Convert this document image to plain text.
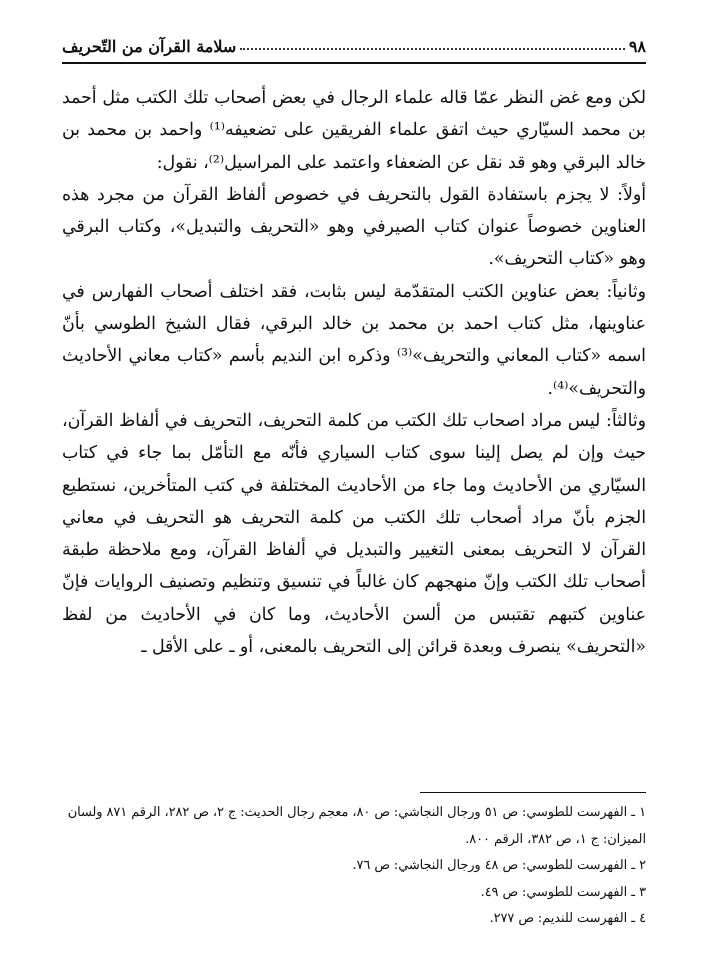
٩٨
سلامة القرآن من التّحريف

لكن ومع غض النظر عمّا قاله علماء الرجال في بعض أصحاب تلك الكتب مثل أحمد بن محمد السيّاري حيث اتفق علماء الفريقين على تضعيفه⁽¹⁾ واحمد بن محمد بن خالد البرقي وهو قد نقل عن الضعفاء واعتمد على المراسيل⁽²⁾، نقول:

أولاً: لا يجزم باستفادة القول بالتحريف في خصوص ألفاظ القرآن من مجرد هذه العناوين خصوصاً عنوان كتاب الصيرفي وهو «التحريف والتبديل»، وكتاب البرقي وهو «كتاب التحريف».

وثانياً: بعض عناوين الكتب المتقدّمة ليس بثابت، فقد اختلف أصحاب الفهارس في عناوينها، مثل كتاب احمد بن محمد بن خالد البرقي، فقال الشيخ الطوسي بأنّ اسمه «كتاب المعاني والتحريف»⁽³⁾ وذكره ابن النديم بأسم «كتاب معاني الأحاديث والتحريف»⁽⁴⁾.

وثالثاً: ليس مراد اصحاب تلك الكتب من كلمة التحريف، التحريف في ألفاظ القرآن، حيث وإن لم يصل إلينا سوى كتاب السياري فأنّه مع التأمّل بما جاء في كتاب السيّاري من الأحاديث وما جاء من الأحاديث المختلفة في كتب المتأخرين، نستطيع الجزم بأنّ مراد أصحاب تلك الكتب من كلمة التحريف هو التحريف في معاني القرآن لا التحريف بمعنى التغيير والتبديل في ألفاظ القرآن، ومع ملاحظة طبقة أصحاب تلك الكتب وإنّ منهجهم كان غالباً في تنسيق وتنظيم وتصنيف الروايات فإنّ عناوين كتبهم تقتبس من ألسن الأحاديث، وما كان في الأحاديث من لفظ «التحريف» ينصرف وبعدة قرائن إلى التحريف بالمعنى، أو ـ على الأقل ـ

١ ـ الفهرست للطوسي: ص ٥١ ورجال النجاشي: ص ٨٠، معجم رجال الحديث: ج ٢، ص ٢٨٢، الرقم ٨٧١ ولسان الميزان: ج ١، ص ٣٨٢، الرقم ٨٠٠.

٢ ـ الفهرست للطوسي: ص ٤٨ ورجال النجاشي: ص ٧٦.

٣ ـ الفهرست للطوسي: ص ٤٩.

٤ ـ الفهرست للنديم: ص ٢٧٧.
